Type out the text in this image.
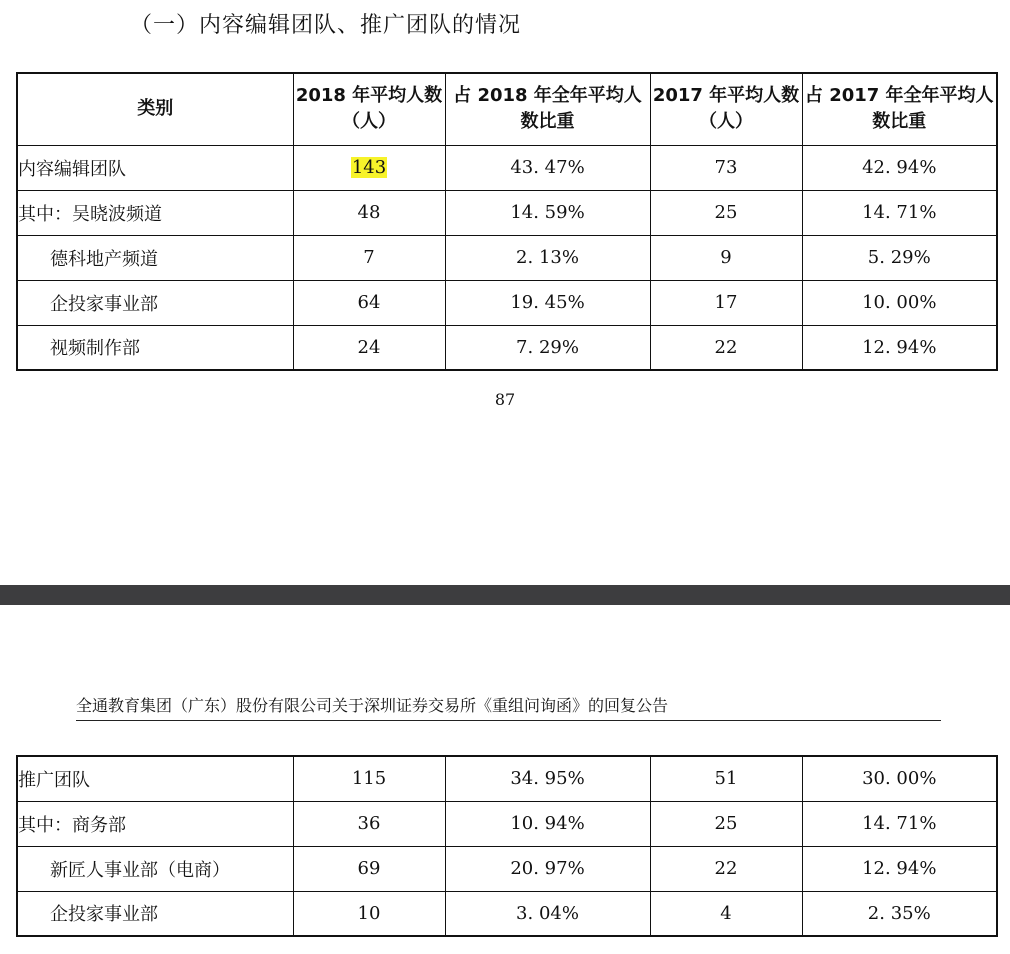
（一）内容编辑团队、推广团队的情况
类别	2018 年平均人数（人）	占 2018 年全年平均人数比重	2017 年平均人数（人）	占 2017 年全年平均人数比重
内容编辑团队	143	43. 47%	73	42. 94%
其中：吴晓波频道	48	14. 59%	25	14. 71%
德科地产频道	7	2. 13%	9	5. 29%
企投家事业部	64	19. 45%	17	10. 00%
视频制作部	24	7. 29%	22	12. 94%
87
全通教育集团（广东）股份有限公司关于深圳证券交易所《重组问询函》的回复公告
推广团队	115	34. 95%	51	30. 00%
其中：商务部	36	10. 94%	25	14. 71%
新匠人事业部（电商）	69	20. 97%	22	12. 94%
企投家事业部	10	3. 04%	4	2. 35%
